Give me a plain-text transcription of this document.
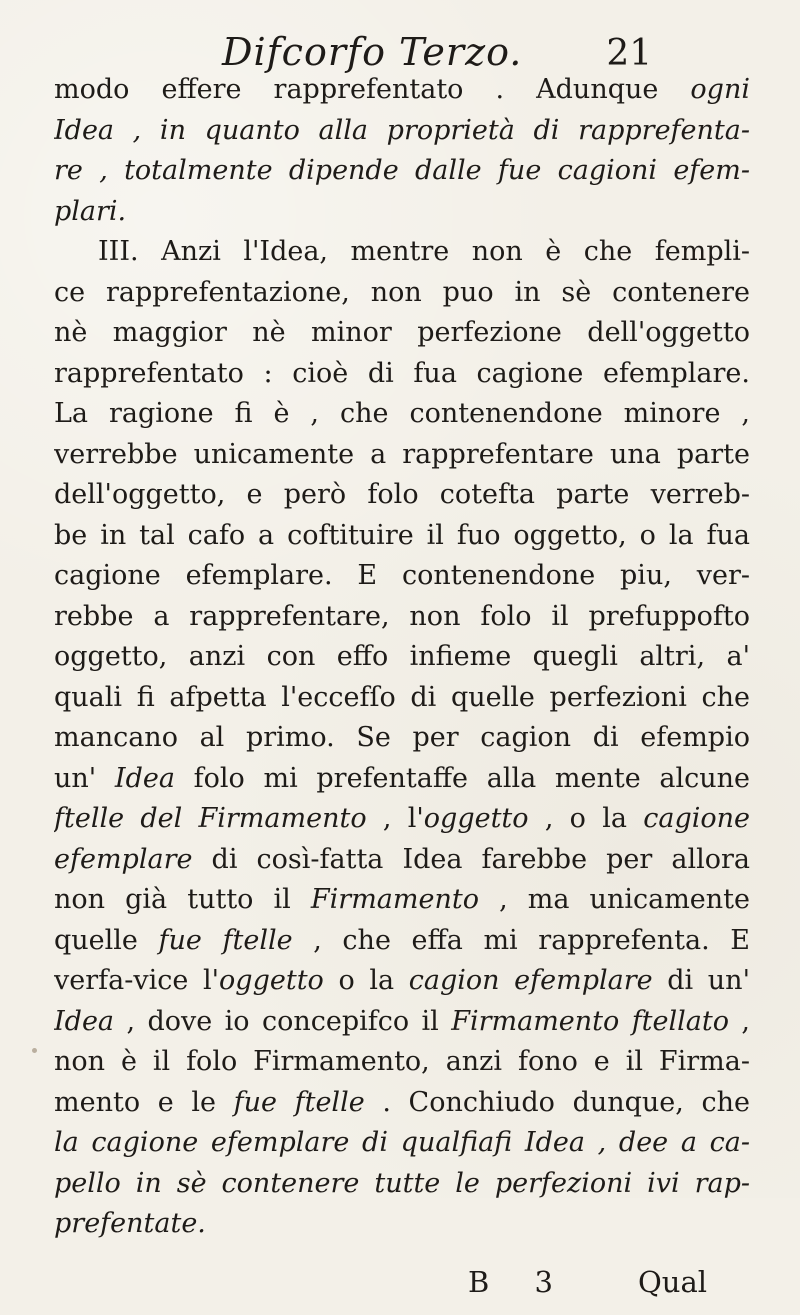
Difcorfo Terzo. 21
modo effere rapprefentato . Adunque ogni
Idea , in quanto alla proprietà di rapprefenta-
re , totalmente dipende dalle fue cagioni efem-
plari.
III. Anzi l'Idea, mentre non è che fempli-
ce rapprefentazione, non puo in sè contenere
nè maggior nè minor perfezione dell'oggetto
rapprefentato : cioè di fua cagione efemplare.
La ragione fi è , che contenendone minore ,
verrebbe unicamente a rapprefentare una parte
dell'oggetto, e però folo cotefta parte verreb-
be in tal cafo a coftituire il fuo oggetto, o la fua
cagione efemplare. E contenendone piu, ver-
rebbe a rapprefentare, non folo il prefuppofto
oggetto, anzi con effo infieme quegli altri, a'
quali fi afpetta l'eccefſo di quelle perfezioni che
mancano al primo. Se per cagion di efempio
un' Idea folo mi prefentaffe alla mente alcune
ftelle del Firmamento , l'oggetto , o la cagione
efemplare di così-fatta Idea farebbe per allora
non già tutto il Firmamento , ma unicamente
quelle fue ftelle , che effa mi rapprefenta. E
verfa-vice l'oggetto o la cagion efemplare di un'
Idea , dove io concepifco il Firmamento ftellato ,
non è il folo Firmamento, anzi fono e il Firma-
mento e le fue ftelle . Conchiudo dunque, che
la cagione efemplare di qualfiafi Idea , dee a ca-
pello in sè contenere tutte le perfezioni ivi rap-
prefentate.
B 3 Qual
